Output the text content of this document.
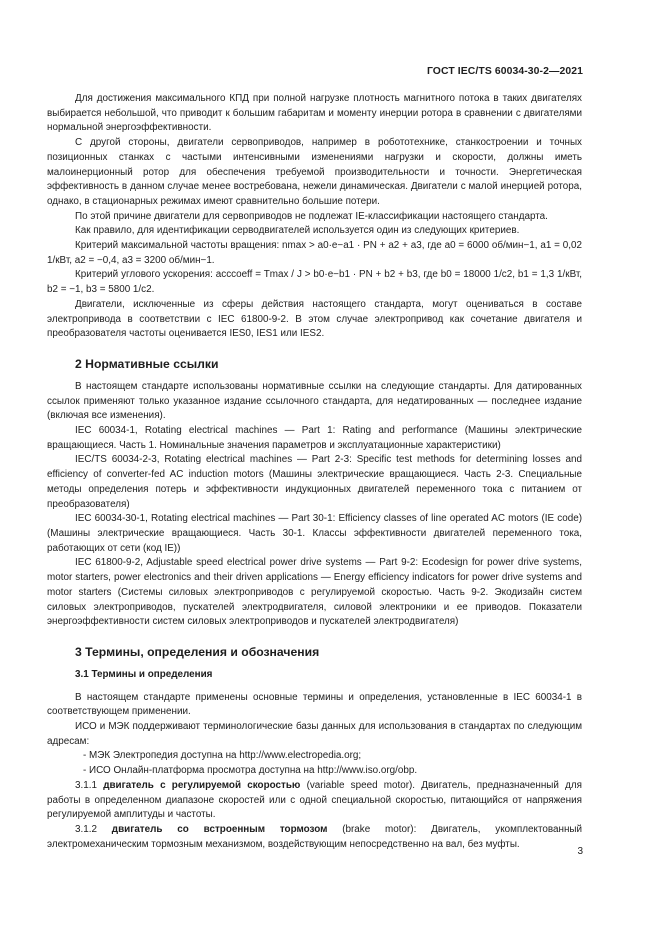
ГОСТ IEC/TS 60034-30-2—2021

Для достижения максимального КПД при полной нагрузке плотность магнитного потока в таких двигателях выбирается небольшой, что приводит к большим габаритам и моменту инерции ротора в сравнении с двигателями нормальной энергоэффективности.

С другой стороны, двигатели сервоприводов, например в робототехнике, станкостроении и точных позиционных станках с частыми интенсивными изменениями нагрузки и скорости, должны иметь малоинерционный ротор для обеспечения требуемой производительности и точности. Энергетическая эффективность в данном случае менее востребована, нежели динамическая. Двигатели с малой инерцией ротора, однако, в стационарных режимах имеют сравнительно большие потери.

По этой причине двигатели для сервоприводов не подлежат IE-классификации настоящего стандарта.

Как правило, для идентификации серводвигателей используется один из следующих критериев.

Критерий максимальной частоты вращения: nmax > a0·e−a1 · PN + a2 + a3, где a0 = 6000 об/мин−1, a1 = 0,02 1/кВт, a2 = −0,4, a3 = 3200 об/мин−1.

Критерий углового ускорения: acccoeff = Tmax / J > b0·e−b1 · PN + b2 + b3, где b0 = 18000 1/c2, b1 = 1,3 1/кВт, b2 = −1, b3 = 5800 1/c2.

Двигатели, исключенные из сферы действия настоящего стандарта, могут оцениваться в составе электропривода в соответствии с IEC 61800-9-2. В этом случае электропривод как сочетание двигателя и преобразователя частоты оценивается IES0, IES1 или IES2.

2 Нормативные ссылки

В настоящем стандарте использованы нормативные ссылки на следующие стандарты. Для датированных ссылок применяют только указанное издание ссылочного стандарта, для недатированных — последнее издание (включая все изменения).

IEC 60034-1, Rotating electrical machines — Part 1: Rating and performance (Машины электрические вращающиеся. Часть 1. Номинальные значения параметров и эксплуатационные характеристики)

IEC/TS 60034-2-3, Rotating electrical machines — Part 2-3: Specific test methods for determining losses and efficiency of converter-fed AC induction motors (Машины электрические вращающиеся. Часть 2-3. Специальные методы определения потерь и эффективности индукционных двигателей переменного тока с питанием от преобразователя)

IEC 60034-30-1, Rotating electrical machines — Part 30-1: Efficiency classes of line operated AC motors (IE code) (Машины электрические вращающиеся. Часть 30-1. Классы эффективности двигателей переменного тока, работающих от сети (код IE))

IEC 61800-9-2, Adjustable speed electrical power drive systems — Part 9-2: Ecodesign for power drive systems, motor starters, power electronics and their driven applications — Energy efficiency indicators for power drive systems and motor starters (Системы силовых электроприводов с регулируемой скоростью. Часть 9-2. Экодизайн систем силовых электроприводов, пускателей электродвигателя, силовой электроники и ее приводов. Показатели энергоэффективности систем силовых электроприводов и пускателей электродвигателя)

3 Термины, определения и обозначения
3.1 Термины и определения

В настоящем стандарте применены основные термины и определения, установленные в IEC 60034-1 в соответствующем применении.

ИСО и МЭК поддерживают терминологические базы данных для использования в стандартах по следующим адресам:

- МЭК Электропедия доступна на http://www.electropedia.org;

- ИСО Онлайн-платформа просмотра доступна на http://www.iso.org/obp.

3.1.1 двигатель с регулируемой скоростью (variable speed motor). Двигатель, предназначенный для работы в определенном диапазоне скоростей или с одной специальной скоростью, питающийся от напряжения регулируемой амплитуды и частоты.

3.1.2 двигатель со встроенным тормозом (brake motor): Двигатель, укомплектованный электромеханическим тормозным механизмом, воздействующим непосредственно на вал, без муфты.

3
